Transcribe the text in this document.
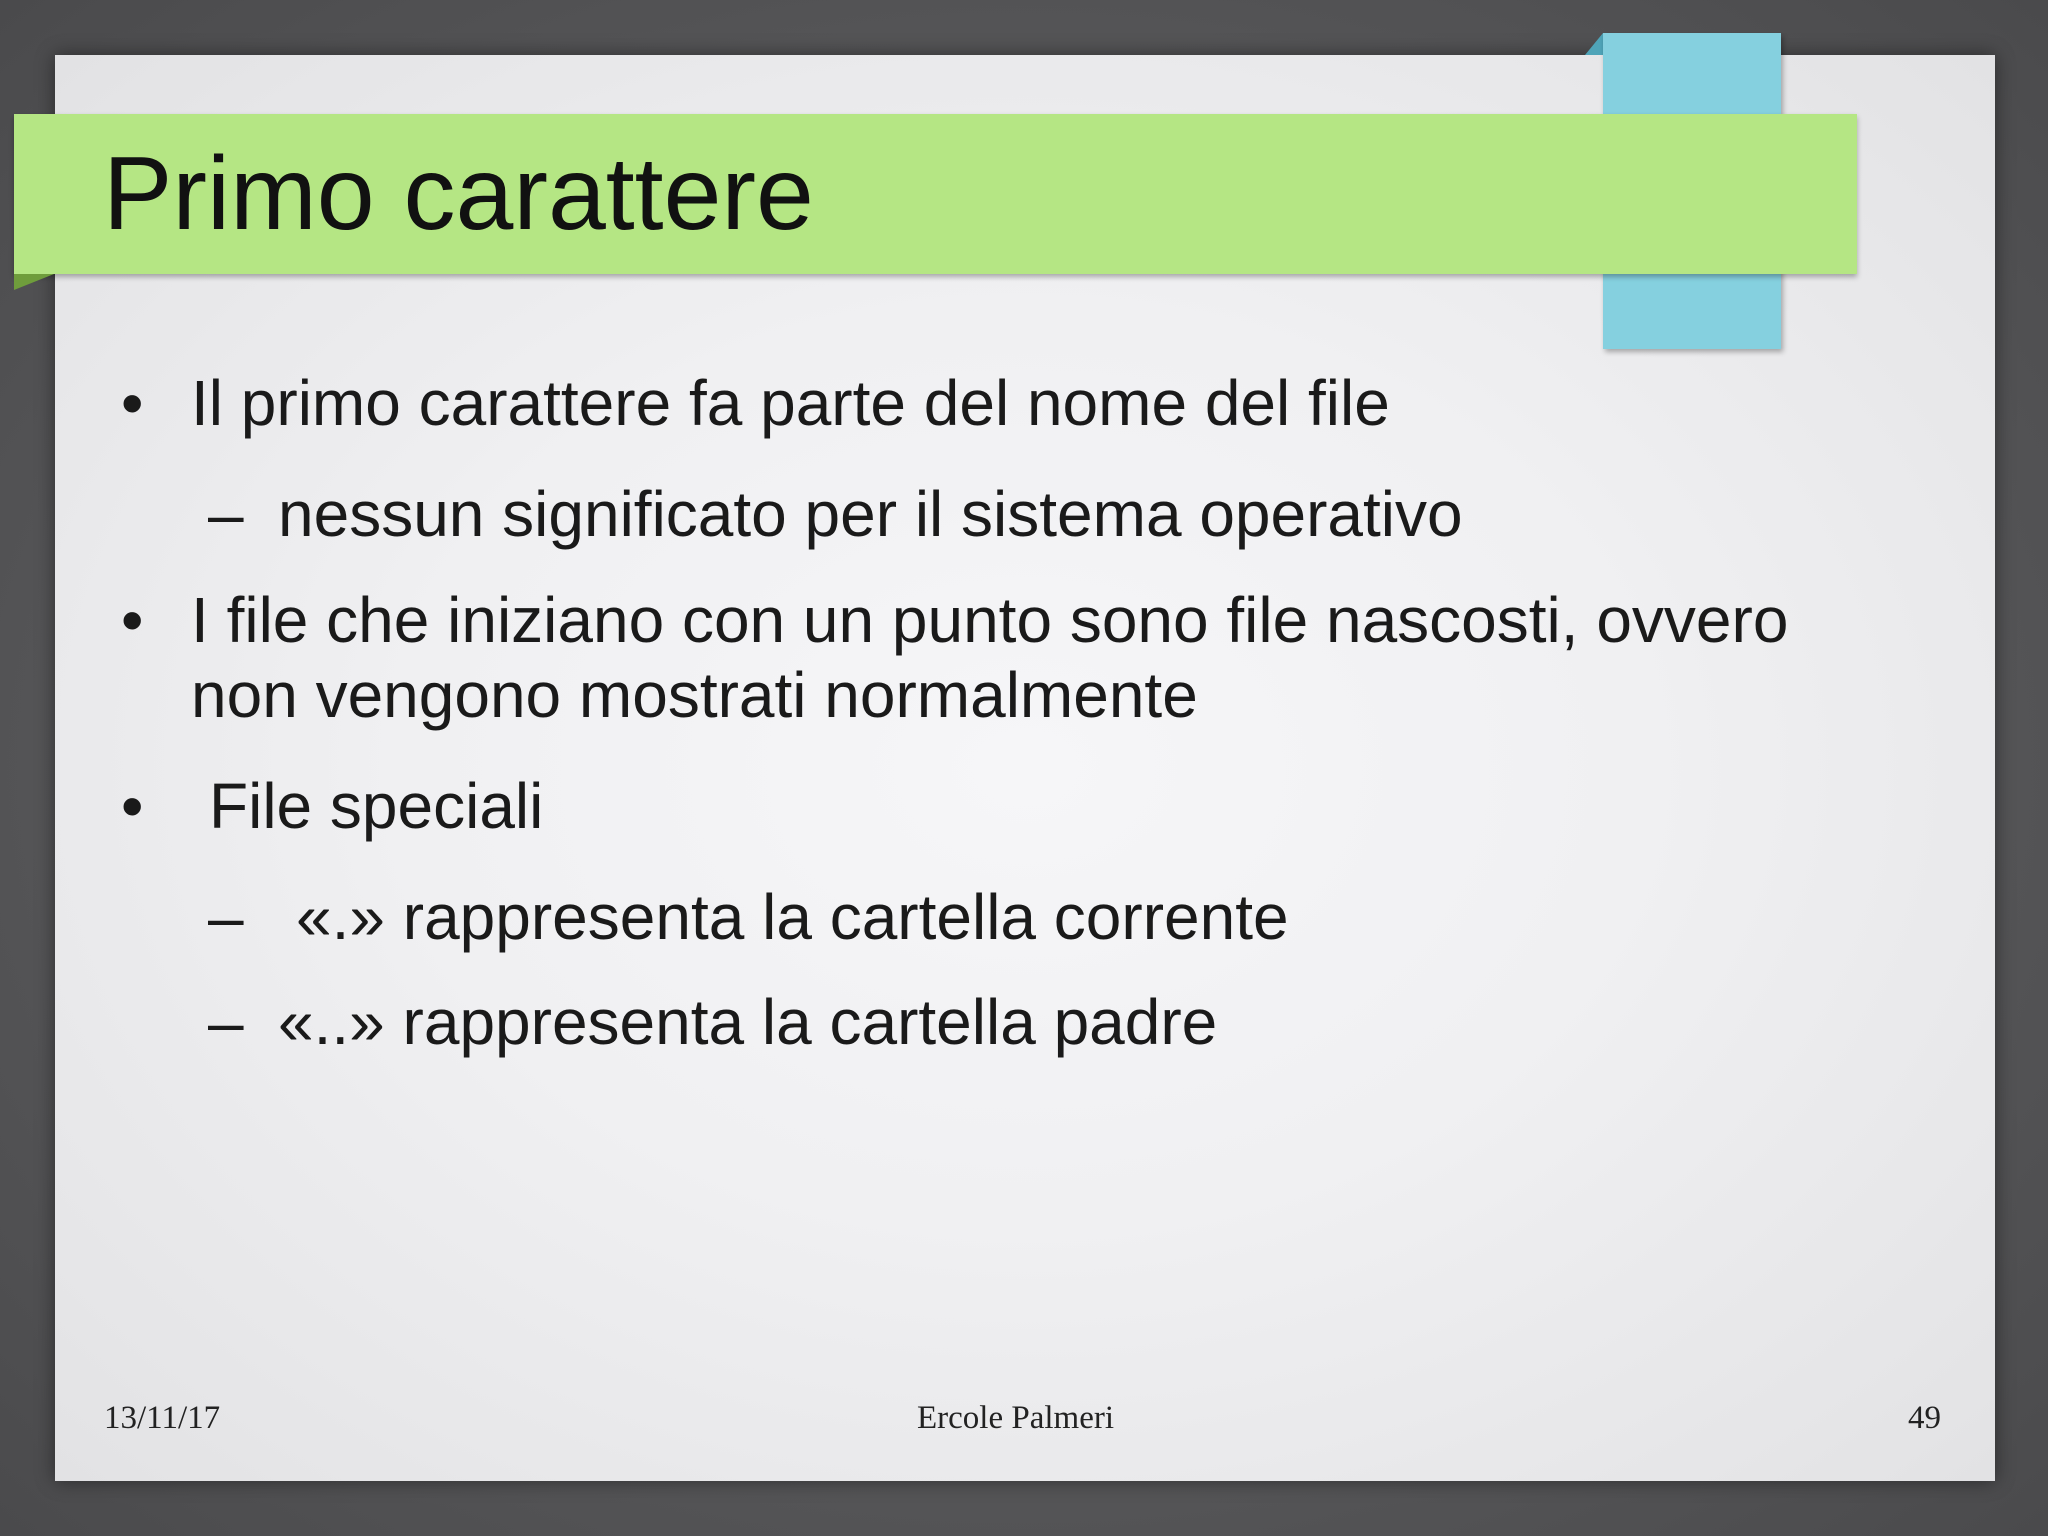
Primo carattere
• Il primo carattere fa parte del nome del file
– nessun significato per il sistema operativo
• I file che iniziano con un punto sono file nascosti, ovvero
non vengono mostrati normalmente
• File speciali
– «.» rappresenta la cartella corrente
– «..» rappresenta la cartella padre
13/11/17	Ercole Palmeri	49
